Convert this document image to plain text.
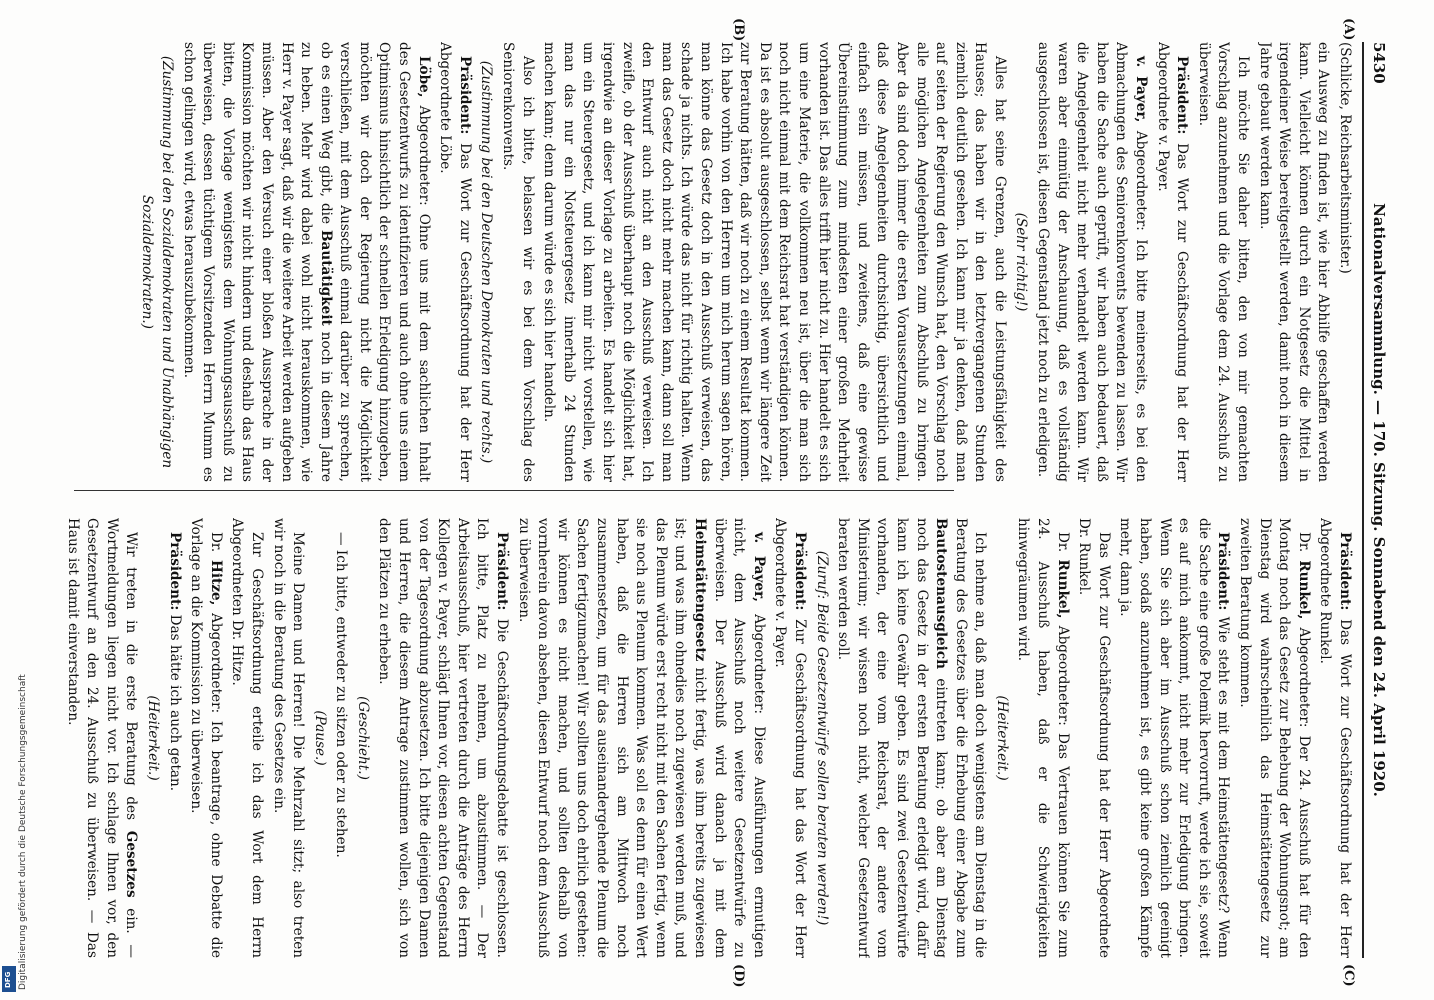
5430
Nationalversammlung. — 170. Sitzung. Sonnabend den 24. April 1920.
(A)
(B)
(C)
(D)

(Schlicke, Reichsarbeitsminister.)

ein Ausweg zu finden ist, wie hier Abhilfe geschaffen werden kann. Vielleicht können durch ein Notgesetz die Mittel in irgendeiner Weise bereitgestellt werden, damit noch in diesem Jahre gebaut werden kann.

Ich möchte Sie daher bitten, den von mir gemachten Vorschlag anzunehmen und die Vorlage dem 24. Ausschuß zu überweisen.

Präsident: Das Wort zur Geschäftsordnung hat der Herr Abgeordnete v. Payer.

v. Payer, Abgeordneter: Ich bitte meinerseits, es bei den Abmachungen des Seniorenkonvents bewenden zu lassen. Wir haben die Sache auch geprüft, wir haben auch bedauert, daß die Angelegenheit nicht mehr verhandelt werden kann. Wir waren aber einmütig der Anschauung, daß es vollständig ausgeschlossen ist, diesen Gegenstand jetzt noch zu erledigen.

(Sehr richtig!)

Alles hat seine Grenzen, auch die Leistungsfähigkeit des Hauses; das haben wir in den letztvergangenen Stunden ziemlich deutlich gesehen. Ich kann mir ja denken, daß man auf seiten der Regierung den Wunsch hat, den Vorschlag noch alle möglichen Angelegenheiten zum Abschluß zu bringen. Aber da sind doch immer die ersten Voraussetzungen einmal, daß diese Angelegenheiten durchsichtig, übersichtlich und einfach sein müssen, und zweitens, daß eine gewisse Übereinstimmung zum mindesten einer großen Mehrheit vorhanden ist. Das alles trifft hier nicht zu. Hier handelt es sich um eine Materie, die vollkommen neu ist, über die man sich noch nicht einmal mit dem Reichsrat hat verständigen können. Da ist es absolut ausgeschlossen, selbst wenn wir längere Zeit zur Beratung hätten, daß wir noch zu einem Resultat kommen. Ich habe vorhin von den Herren um mich herum sagen hören, man könne das Gesetz doch in den Ausschuß verweisen, das schade ja nichts. Ich würde das nicht für richtig halten. Wenn man das Gesetz doch nicht mehr machen kann, dann soll man den Entwurf auch nicht an den Ausschuß verweisen. Ich zweifle, ob der Ausschuß überhaupt noch die Möglichkeit hat, irgendwie an dieser Vorlage zu arbeiten. Es handelt sich hier um ein Steuergesetz, und ich kann mir nicht vorstellen, wie man das nur ein Notsteuergesetz innerhalb 24 Stunden machen kann; denn darum würde es sich hier handeln.

Also ich bitte, belassen wir es bei dem Vorschlag des Seniorenkonvents.

(Zustimmung bei den Deutschen Demokraten und rechts.)

Präsident: Das Wort zur Geschäftsordnung hat der Herr Abgeordnete Löbe.

Löbe, Abgeordneter: Ohne uns mit dem sachlichen Inhalt des Gesetzentwurfs zu identifizieren und auch ohne uns einem Optimismus hinsichtlich der schnellen Erledigung hinzugeben, möchten wir doch der Regierung nicht die Möglichkeit verschließen, mit dem Ausschuß einmal darüber zu sprechen, ob es einen Weg gibt, die Bautätigkeit noch in diesem Jahre zu heben. Mehr wird dabei wohl nicht herauskommen, wie Herr v. Payer sagt, daß wir die weitere Arbeit werden aufgeben müssen. Aber den Versuch einer bloßen Aussprache in der Kommission möchten wir nicht hindern und deshalb das Haus bitten, die Vorlage wenigstens dem Wohnungsausschuß zu überweisen, dessen tüchtigem Vorsitzenden Herrn Mumm es schon gelingen wird, etwas herauszubekommen.

(Zustimmung bei den Sozialdemokraten und Unabhängigen Sozialdemokraten.)

Präsident: Das Wort zur Geschäftsordnung hat der Herr Abgeordnete Runkel.

Dr. Runkel, Abgeordneter: Der 24. Ausschuß hat für den Montag noch das Gesetz zur Behebung der Wohnungsnot; am Dienstag wird wahrscheinlich das Heimstättengesetz zur zweiten Beratung kommen.

Präsident: Wie steht es mit dem Heimstättengesetz? Wenn die Sache eine große Polemik hervorruft, werde ich sie, soweit es auf mich ankommt, nicht mehr zur Erledigung bringen. Wenn Sie sich aber im Ausschuß schon ziemlich geeinigt haben, sodaß anzunehmen ist, es gibt keine großen Kämpfe mehr, dann ja.

Das Wort zur Geschäftsordnung hat der Herr Abgeordnete Dr. Runkel.

Dr. Runkel, Abgeordneter: Das Vertrauen können Sie zum 24. Ausschuß haben, daß er die Schwierigkeiten hinwegräumen wird.

(Heiterkeit.)

Ich nehme an, daß man doch wenigstens am Dienstag in die Beratung des Gesetzes über die Erhebung einer Abgabe zum Bautostenausgleich eintreten kann; ob aber am Dienstag noch das Gesetz in der ersten Beratung erledigt wird, dafür kann ich keine Gewähr geben. Es sind zwei Gesetzentwürfe vorhanden, der eine vom Reichsrat, der andere vom Ministerium; wir wissen noch nicht, welcher Gesetzentwurf beraten werden soll.

(Zuruf: Beide Gesetzentwürfe sollen beraten werden!)

Präsident: Zur Geschäftsordnung hat das Wort der Herr Abgeordnete v. Payer.

v. Payer, Abgeordneter: Diese Ausführungen ermutigen nicht, dem Ausschuß noch weitere Gesetzentwürfe zu überweisen. Der Ausschuß wird danach ja mit dem Heimstättengesetz nicht fertig, was ihm bereits zugewiesen ist; und was ihm ohnedies noch zugewiesen werden muß, und das Plenum würde erst recht nicht mit den Sachen fertig, wenn sie noch aus Plenum kommen. Was soll es denn für einen Wert haben, daß die Herren sich am Mittwoch noch zusammensetzen, um für das auseinandergehende Plenum die Sachen fertigzumachen! Wir sollten uns doch ehrlich gestehen: wir können es nicht machen, und sollten deshalb von vornherein davon absehen, diesen Entwurf noch dem Ausschuß zu überweisen.

Präsident: Die Geschäftsordnungsdebatte ist geschlossen. Ich bitte, Platz zu nehmen, um abzustimmen. — Der Arbeitsausschuß, hier vertreten durch die Anträge des Herrn Kollegen v. Payer, schlägt Ihnen vor, diesen achten Gegenstand von der Tagesordnung abzusetzen. Ich bitte diejenigen Damen und Herren, die diesem Antrage zustimmen wollen, sich von den Plätzen zu erheben.

(Geschieht.)

— Ich bitte, entweder zu sitzen oder zu stehen.

(Pause.)

Meine Damen und Herren! Die Mehrzahl sitzt; also treten wir noch in die Beratung des Gesetzes ein.

Zur Geschäftsordnung erteile ich das Wort dem Herrn Abgeordneten Dr. Hitze.

Dr. Hitze, Abgeordneter: Ich beantrage, ohne Debatte die Vorlage an die Kommission zu überweisen.

Präsident: Das hätte ich auch getan.

(Heiterkeit.)

Wir treten in die erste Beratung des Gesetzes ein. — Wortmeldungen liegen nicht vor. Ich schlage Ihnen vor, den Gesetzentwurf an den 24. Ausschuß zu überweisen. — Das Haus ist damit einverstanden.

Digitalisierung gefördert durch die Deutsche Forschungsgemeinschaft
DFG
